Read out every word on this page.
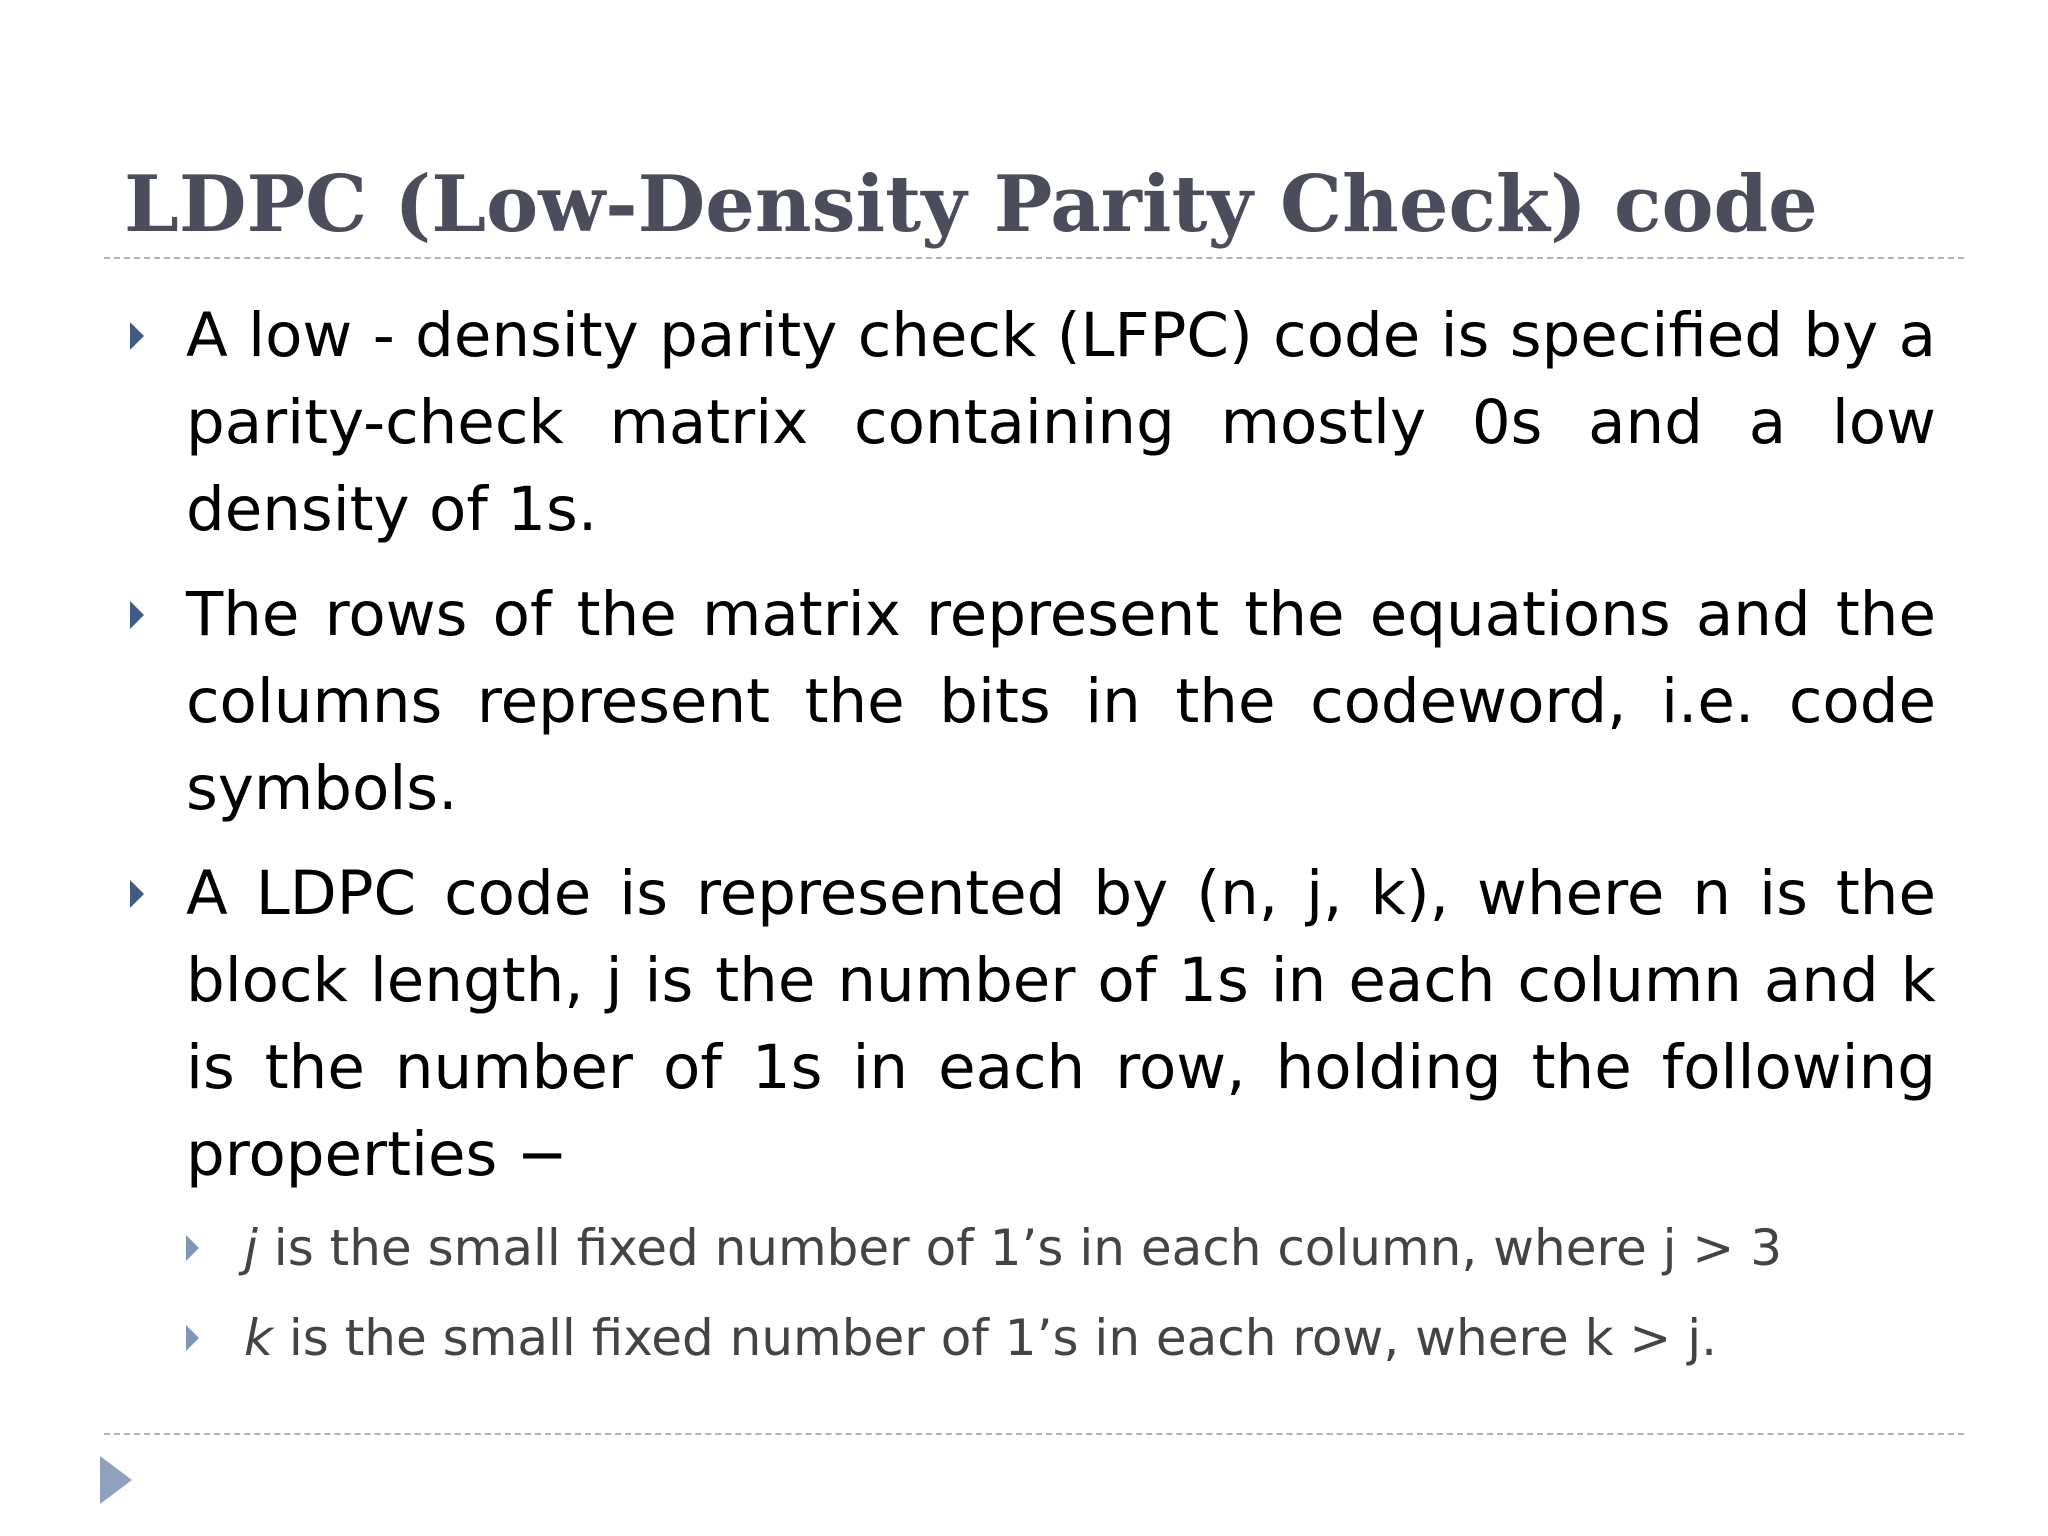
LDPC (Low-Density Parity Check) code
A low - density parity check (LFPC) code is specified by a parity-check matrix containing mostly 0s and a low density of 1s.
The rows of the matrix represent the equations and the columns represent the bits in the codeword, i.e. code symbols.
A LDPC code is represented by (n, j, k), where n is the block length, j is the number of 1s in each column and k is the number of 1s in each row, holding the following properties −
j is the small fixed number of 1’s in each column, where j > 3
k is the small fixed number of 1’s in each row, where k > j.
